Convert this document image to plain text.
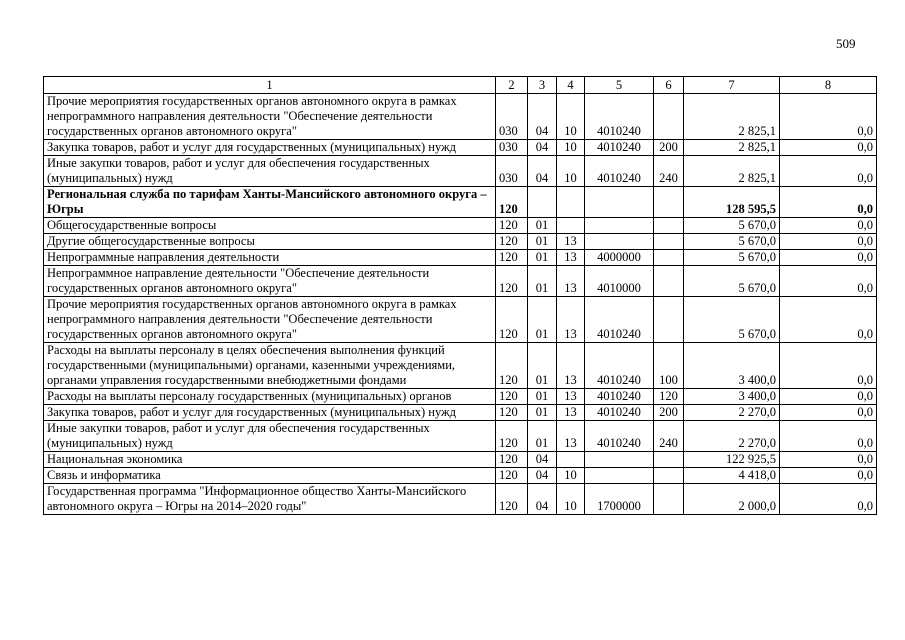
509
1	2	3	4	5	6	7	8
Прочие мероприятия государственных органов автономного округа в рамках непрограммного направления деятельности "Обеспечение деятельности государственных органов автономного округа"	030	04	10	4010240		2 825,1	0,0
Закупка товаров, работ и услуг для государственных (муниципальных) нужд	030	04	10	4010240	200	2 825,1	0,0
Иные закупки товаров, работ и услуг для обеспечения государственных (муниципальных) нужд	030	04	10	4010240	240	2 825,1	0,0
Региональная служба по тарифам Ханты-Мансийского автономного округа – Югры	120					128 595,5	0,0
Общегосударственные вопросы	120	01				5 670,0	0,0
Другие общегосударственные вопросы	120	01	13			5 670,0	0,0
Непрограммные направления деятельности	120	01	13	4000000		5 670,0	0,0
Непрограммное направление деятельности "Обеспечение деятельности государственных органов автономного округа"	120	01	13	4010000		5 670,0	0,0
Прочие мероприятия государственных органов автономного округа в рамках непрограммного направления деятельности "Обеспечение деятельности государственных органов автономного округа"	120	01	13	4010240		5 670,0	0,0
Расходы на выплаты персоналу в целях обеспечения выполнения функций государственными (муниципальными) органами, казенными учреждениями, органами управления государственными внебюджетными фондами	120	01	13	4010240	100	3 400,0	0,0
Расходы на выплаты персоналу государственных (муниципальных) органов	120	01	13	4010240	120	3 400,0	0,0
Закупка товаров, работ и услуг для государственных (муниципальных) нужд	120	01	13	4010240	200	2 270,0	0,0
Иные закупки товаров, работ и услуг для обеспечения государственных (муниципальных) нужд	120	01	13	4010240	240	2 270,0	0,0
Национальная экономика	120	04				122 925,5	0,0
Связь и информатика	120	04	10			4 418,0	0,0
Государственная программа "Информационное общество Ханты-Мансийского автономного округа – Югры на 2014–2020 годы"	120	04	10	1700000		2 000,0	0,0
